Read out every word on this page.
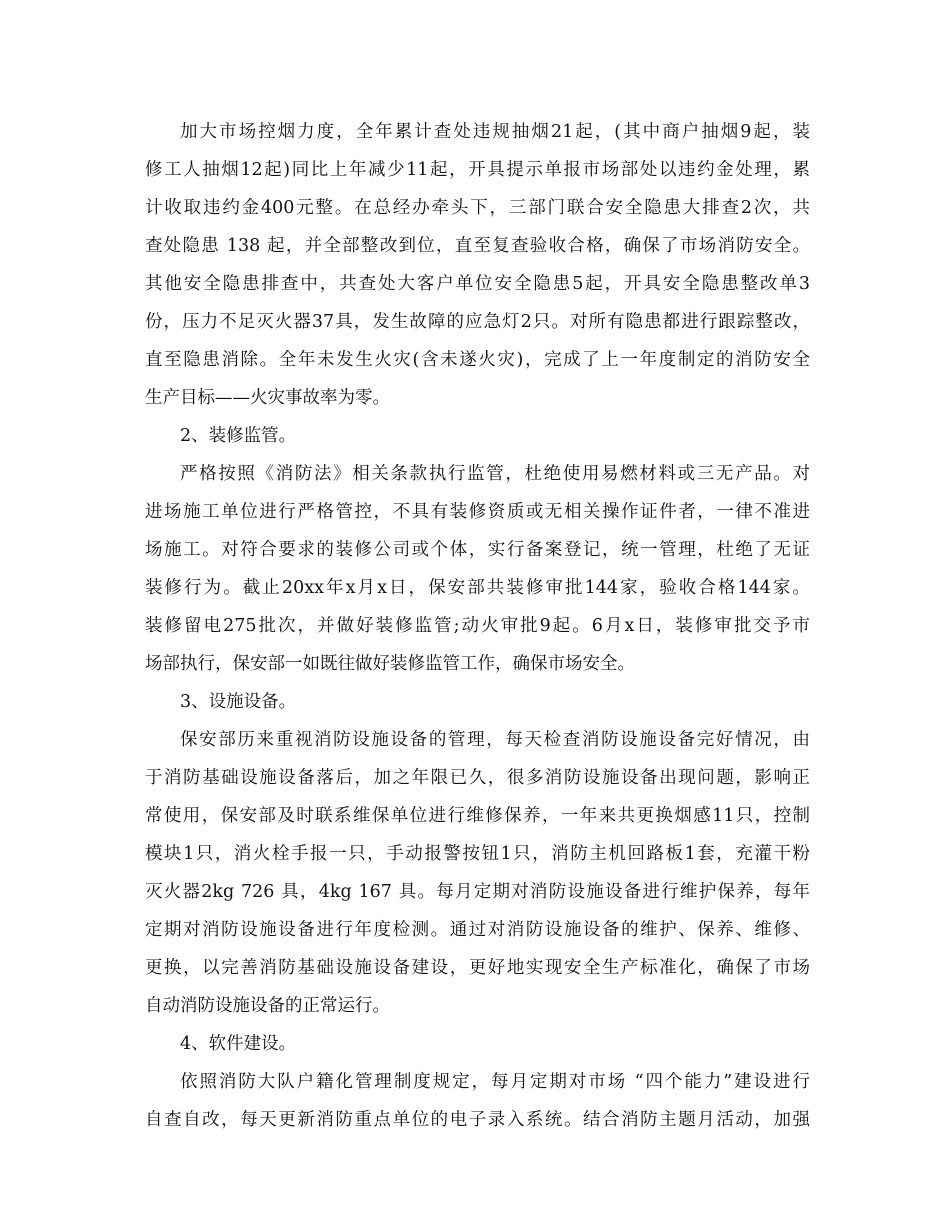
加大市场控烟力度，全年累计查处违规抽烟21起，(其中商户抽烟9起，装
修工人抽烟12起)同比上年减少11起，开具提示单报市场部处以违约金处理，累
计收取违约金400元整。在总经办牵头下，三部门联合安全隐患大排查2次，共
查处隐患 138 起，并全部整改到位，直至复查验收合格，确保了市场消防安全。
其他安全隐患排查中，共查处大客户单位安全隐患5起，开具安全隐患整改单3
份，压力不足灭火器37具，发生故障的应急灯2只。对所有隐患都进行跟踪整改，
直至隐患消除。全年未发生火灾(含未遂火灾)，完成了上一年度制定的消防安全
生产目标——火灾事故率为零。
2、装修监管。
严格按照《消防法》相关条款执行监管，杜绝使用易燃材料或三无产品。对
进场施工单位进行严格管控，不具有装修资质或无相关操作证件者，一律不准进
场施工。对符合要求的装修公司或个体，实行备案登记，统一管理，杜绝了无证
装修行为。截止20xx年x月x日，保安部共装修审批144家，验收合格144家。
装修留电275批次，并做好装修监管;动火审批9起。6月x日，装修审批交予市
场部执行，保安部一如既往做好装修监管工作，确保市场安全。
3、设施设备。
保安部历来重视消防设施设备的管理，每天检查消防设施设备完好情况，由
于消防基础设施设备落后，加之年限已久，很多消防设施设备出现问题，影响正
常使用，保安部及时联系维保单位进行维修保养，一年来共更换烟感11只，控制
模块1只，消火栓手报一只，手动报警按钮1只，消防主机回路板1套，充灌干粉
灭火器2kg 726 具，4kg 167 具。每月定期对消防设施设备进行维护保养，每年
定期对消防设施设备进行年度检测。通过对消防设施设备的维护、保养、维修、
更换，以完善消防基础设施设备建设，更好地实现安全生产标准化，确保了市场
自动消防设施设备的正常运行。
4、软件建设。
依照消防大队户籍化管理制度规定，每月定期对市场 “四个能力”建设进行
自查自改，每天更新消防重点单位的电子录入系统。结合消防主题月活动，加强
